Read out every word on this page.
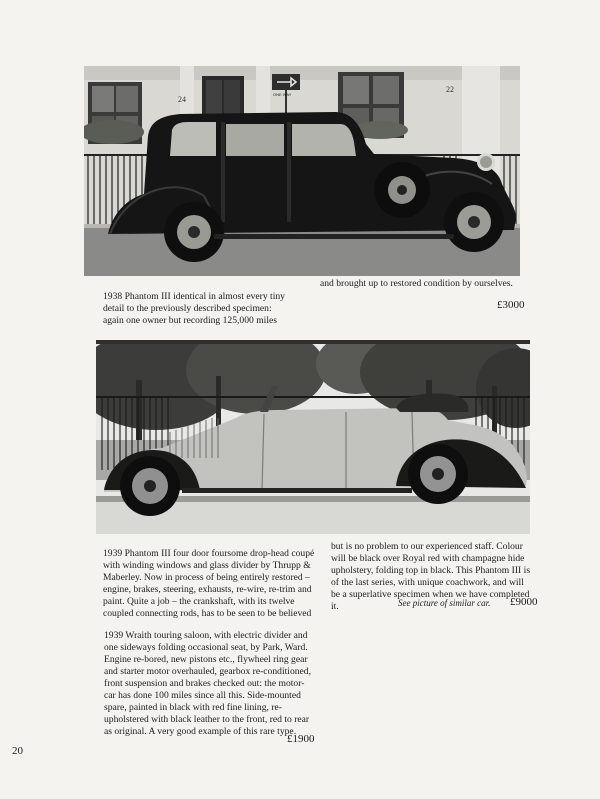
24
22
ONE WAY

1938 Phantom III identical in almost every tiny detail to the previously described specimen: again one owner but recording 125,000 miles

and brought up to restored condition by ourselves.

£3000

1939 Phantom III four door foursome drop-head coupé with winding windows and glass divider by Thrupp & Maberley. Now in process of being entirely restored – engine, brakes, steering, exhausts, re-wire, re-trim and paint. Quite a job – the crankshaft, with its twelve coupled connecting rods, has to be seen to be believed

but is no problem to our experienced staff. Colour will be black over Royal red with champagne hide upholstery, folding top in black. This Phantom III is of the last series, with unique coachwork, and will be a superlative specimen when we have completed it.	See picture of similar car. £9000

1939 Wraith touring saloon, with electric divider and one sideways folding occasional seat, by Park, Ward. Engine re-bored, new pistons etc., flywheel ring gear and starter motor overhauled, gearbox re-conditioned, front suspension and brakes checked out: the motor-car has done 100 miles since all this. Side-mounted spare, painted in black with red fine lining, re-upholstered with black leather to the front, red to rear as original. A very good example of this rare type.

£1900
20
